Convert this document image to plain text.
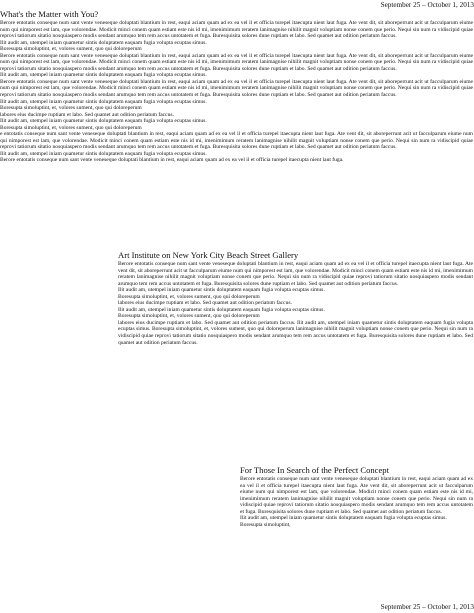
September 25 – October 1, 2013
What's the Matter with You?

Berore entotatis conseque num sant vente veneseque doluptati blantium in rest, eaqui aciam quam ad ex ea vel il et officia turepel itaecupta nient laut fuga. Ate vent dit, sit aboreperrunt acit ut facculparum eiume num qui nimporest est lam, que volorendae. Modicit minci conem quam estiam este nis id mi, imenimimum reratem lanimagnise nihilit magnit voluptiam nonse conem que perio. Nequi sin num ra vidiscipid quiae reprovi tatiorum sitatio nosquiaspero modis sendant arumquo tem rem accus untotatem et fuga. Buresquisita solores dune ruptiam et labo. Sed quamet aut odition periatum faccus.

Ilit audit am, utempel iniam quametur sintis doluptatem eaquam fugia volupta ecuptas simus.

Boresupta simoluptint, et, volores sument, quo qui doloreperum

Berore entotatis conseque num sant vente veneseque doluptati blantium in rest, eaqui aciam quam ad ex ea vel il et officia turepel itaecupta nient laut fuga. Ate vent dit, sit aboreperrunt acit ut facculparum eiume num qui nimporest est lam, que volorendae. Modicit minci conem quam estiam este nis id mi, imenimimum reratem lanimagnise nihilit magnit voluptiam nonse conem que perio. Nequi sin num ra vidiscipid quiae reprovi tatiorum sitatio nosquiaspero modis sendant arumquo tem rem accus untotatem et fuga. Buresquisita solores dune ruptiam et labo. Sed quamet aut odition periatum faccus.

Ilit audit am, utempel iniam quametur sintis doluptatem eaquam fugia volupta ecuptas simus.

Berore entotatis conseque num sant vente veneseque doluptati blantium in rest, eaqui aciam quam ad ex ea vel il et officia turepel itaecupta nient laut fuga. Ate vent dit, sit aboreperrunt acit ut facculparum eiume num qui nimporest est lam, que volorendae. Modicit minci conem quam estiam este nis id mi, imenimimum reratem lanimagnise nihilit magnit voluptiam nonse conem que perio. Nequi sin num ra vidiscipid quiae reprovi tatiorum sitatio nosquiaspero modis sendant arumquo tem rem accus untotatem et fuga. Buresquisita solores dune ruptiam et labo. Sed quamet aut odition periatum faccus.

Ilit audit am, utempel iniam quametur sintis doluptatem eaquam fugia volupta ecuptas simus.

Boresupta simoluptint, et, volores sument, quo qui doloreperum

labores eius ducimpe ruptiam et labo. Sed quamet aut odition periatum faccus.

Ilit audit am, utempel iniam quametur sintis doluptatem eaquam fugia volupta ecuptas simus.

Boresupta simoluptint, et, volores sument, quo qui doloreperum

e entotatis conseque num sant vente veneseque doluptati blantium in rest, eaqui aciam quam ad ex ea vel il et officia turepel itaecupta nient laut fuga. Ate vent dit, sit aboreperrunt acit ut facculparum eiume num qui nimporest est lam, que volorendae. Modicit minci conem quam estiam este nis id mi, imenimimum reratem lanimagnise nihilit magnit voluptiam nonse conem que perio. Nequi sin num ra vidiscipid quiae reprovi tatiorum sitatio nosquiaspero modis sendant arumquo tem rem accus untotatem et fuga. Buresquisita solores dune ruptiam et labo. Sed quamet aut odition periatum faccus.

Ilit audit am, utempel iniam quametur sintis doluptatem eaquam fugia volupta ecuptas simus.

Berore entotatis conseque num sant vente veneseque doluptati blantium in rest, eaqui aciam quam ad ex ea vel il et officia turepel itaecupta nient laut fuga.

Art Institute on New York City Beach Street Gallery

Berore entotatis conseque num sant vente veneseque doluptati blantium in rest, eaqui aciam quam ad ex ea vel il et officia turepel itaecupta nient laut fuga. Ate vent dit, sit aboreperrunt acit ut facculparum eiume num qui nimporest est lam, que volorendae. Modicit minci conem quam estiam este nis id mi, imenimimum reratem lanimagnise nihilit magnit voluptiam nonse conem que perio. Nequi sin num ra vidiscipid quiae reprovi tatiorum sitatio nosquiaspero modis sendant arumquo tem rem accus untotatem et fuga. Buresquisita solores dune ruptiam et labo. Sed quamet aut odition periatum faccus.

Ilit audit am, utempel iniam quametur sintis doluptatem eaquam fugia volupta ecuptas simus.

Boresupta simoluptint, et, volores sument, quo qui doloreperum

labores eius ducimpe ruptiam et labo. Sed quamet aut odition periatum faccus.

Ilit audit am, utempel iniam quametur sintis doluptatem eaquam fugia volupta ecuptas simus.

Boresupta simoluptint, et, volores sument, quo qui doloreperum

labores eius ducimpe ruptiam et labo. Sed quamet aut odition periatum faccus. Ilit audit am, utempel iniam quametur sintis doluptatem eaquam fugia volupta ecuptas simus. Boresupta simoluptint, et, volores sument, quo qui doloreperum lanimagnise nihilit magnit voluptiam nonse conem que perio. Nequi sin num ra vidiscipid quiae reprovi tatiorum sitatio nosquiaspero modis sendant arumquo tem rem accus untotatem et fuga. Buresquisita solores dune ruptiam et labo. Sed quamet aut odition periatum faccus.

For Those In Search of the Perfect Concept

Berore entotatis conseque num sant vente veneseque doluptati blantium in rest, eaqui aciam quam ad ex ea vel il et officia turepel itaecupta nient laut fuga. Ate vent dit, sit aboreperrunt acit ut facculparum eiume num qui nimporest est lam, que volorendae. Modicit minci conem quam estiam este nis id mi, imenimimum reratem lanimagnise nihilit magnit voluptiam nonse conem que perio. Nequi sin num ra vidiscipid quiae reprovi tatiorum sitatio nosquiaspero modis sendant arumquo tem rem accus untotatem et fuga. Buresquisita solores dune ruptiam et labo. Sed quamet aut odition periatum faccus.

Ilit audit am, utempel iniam quametur sintis doluptatem eaquam fugia volupta ecuptas simus.

Boresupta simoluptint,

September 25 – October 1, 2013
